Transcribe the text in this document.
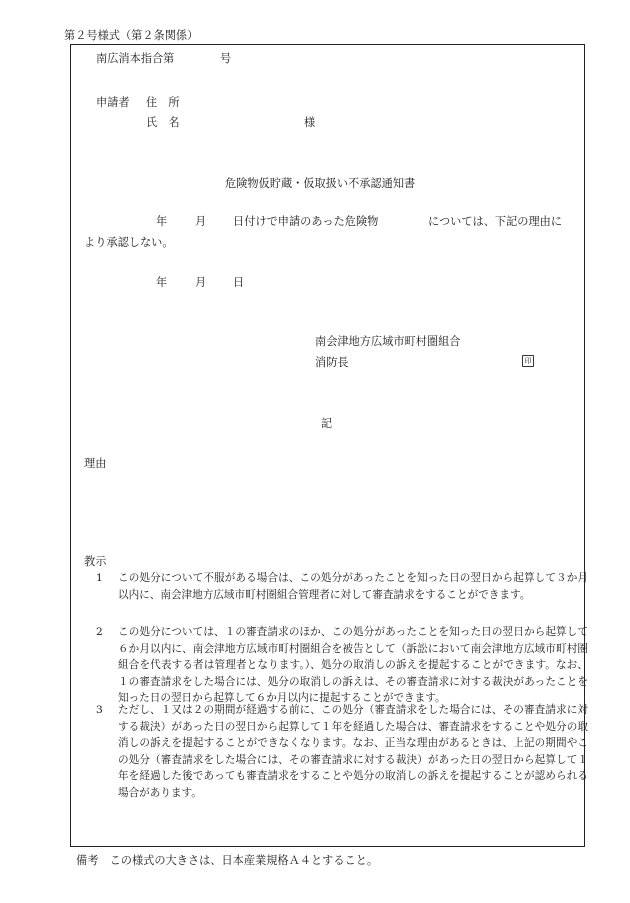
第２号様式（第２条関係）
南広消本指合第	号
申請者 住　所
氏　名	様
危険物仮貯蔵・仮取扱い不承認通知書
年 月 日付けで申請のあった危険物	については、下記の理由に
より承認しない。
年 月 日
南会津地方広域市町村圏組合
消防長	印
記
理由
教示
1 この処分について不服がある場合は、この処分があったことを知った日の翌日から起算して３か月以内に、南会津地方広域市町村圏組合管理者に対して審査請求をすることができます。
2 この処分については、１の審査請求のほか、この処分があったことを知った日の翌日から起算して６か月以内に、南会津地方広域市町村圏組合を被告として（訴訟において南会津地方広域市町村圏組合を代表する者は管理者となります。）、処分の取消しの訴えを提起することができます。なお、１の審査請求をした場合には、処分の取消しの訴えは、その審査請求に対する裁決があったことを知った日の翌日から起算して６か月以内に提起することができます。
3 ただし、１又は２の期間が経過する前に、この処分（審査請求をした場合には、その審査請求に対する裁決）があった日の翌日から起算して１年を経過した場合は、審査請求をすることや処分の取消しの訴えを提起することができなくなります。なお、正当な理由があるときは、上記の期間やこの処分（審査請求をした場合には、その審査請求に対する裁決）があった日の翌日から起算して１年を経過した後であっても審査請求をすることや処分の取消しの訴えを提起することが認められる場合があります。
備考　この様式の大きさは、日本産業規格Ａ４とすること。
